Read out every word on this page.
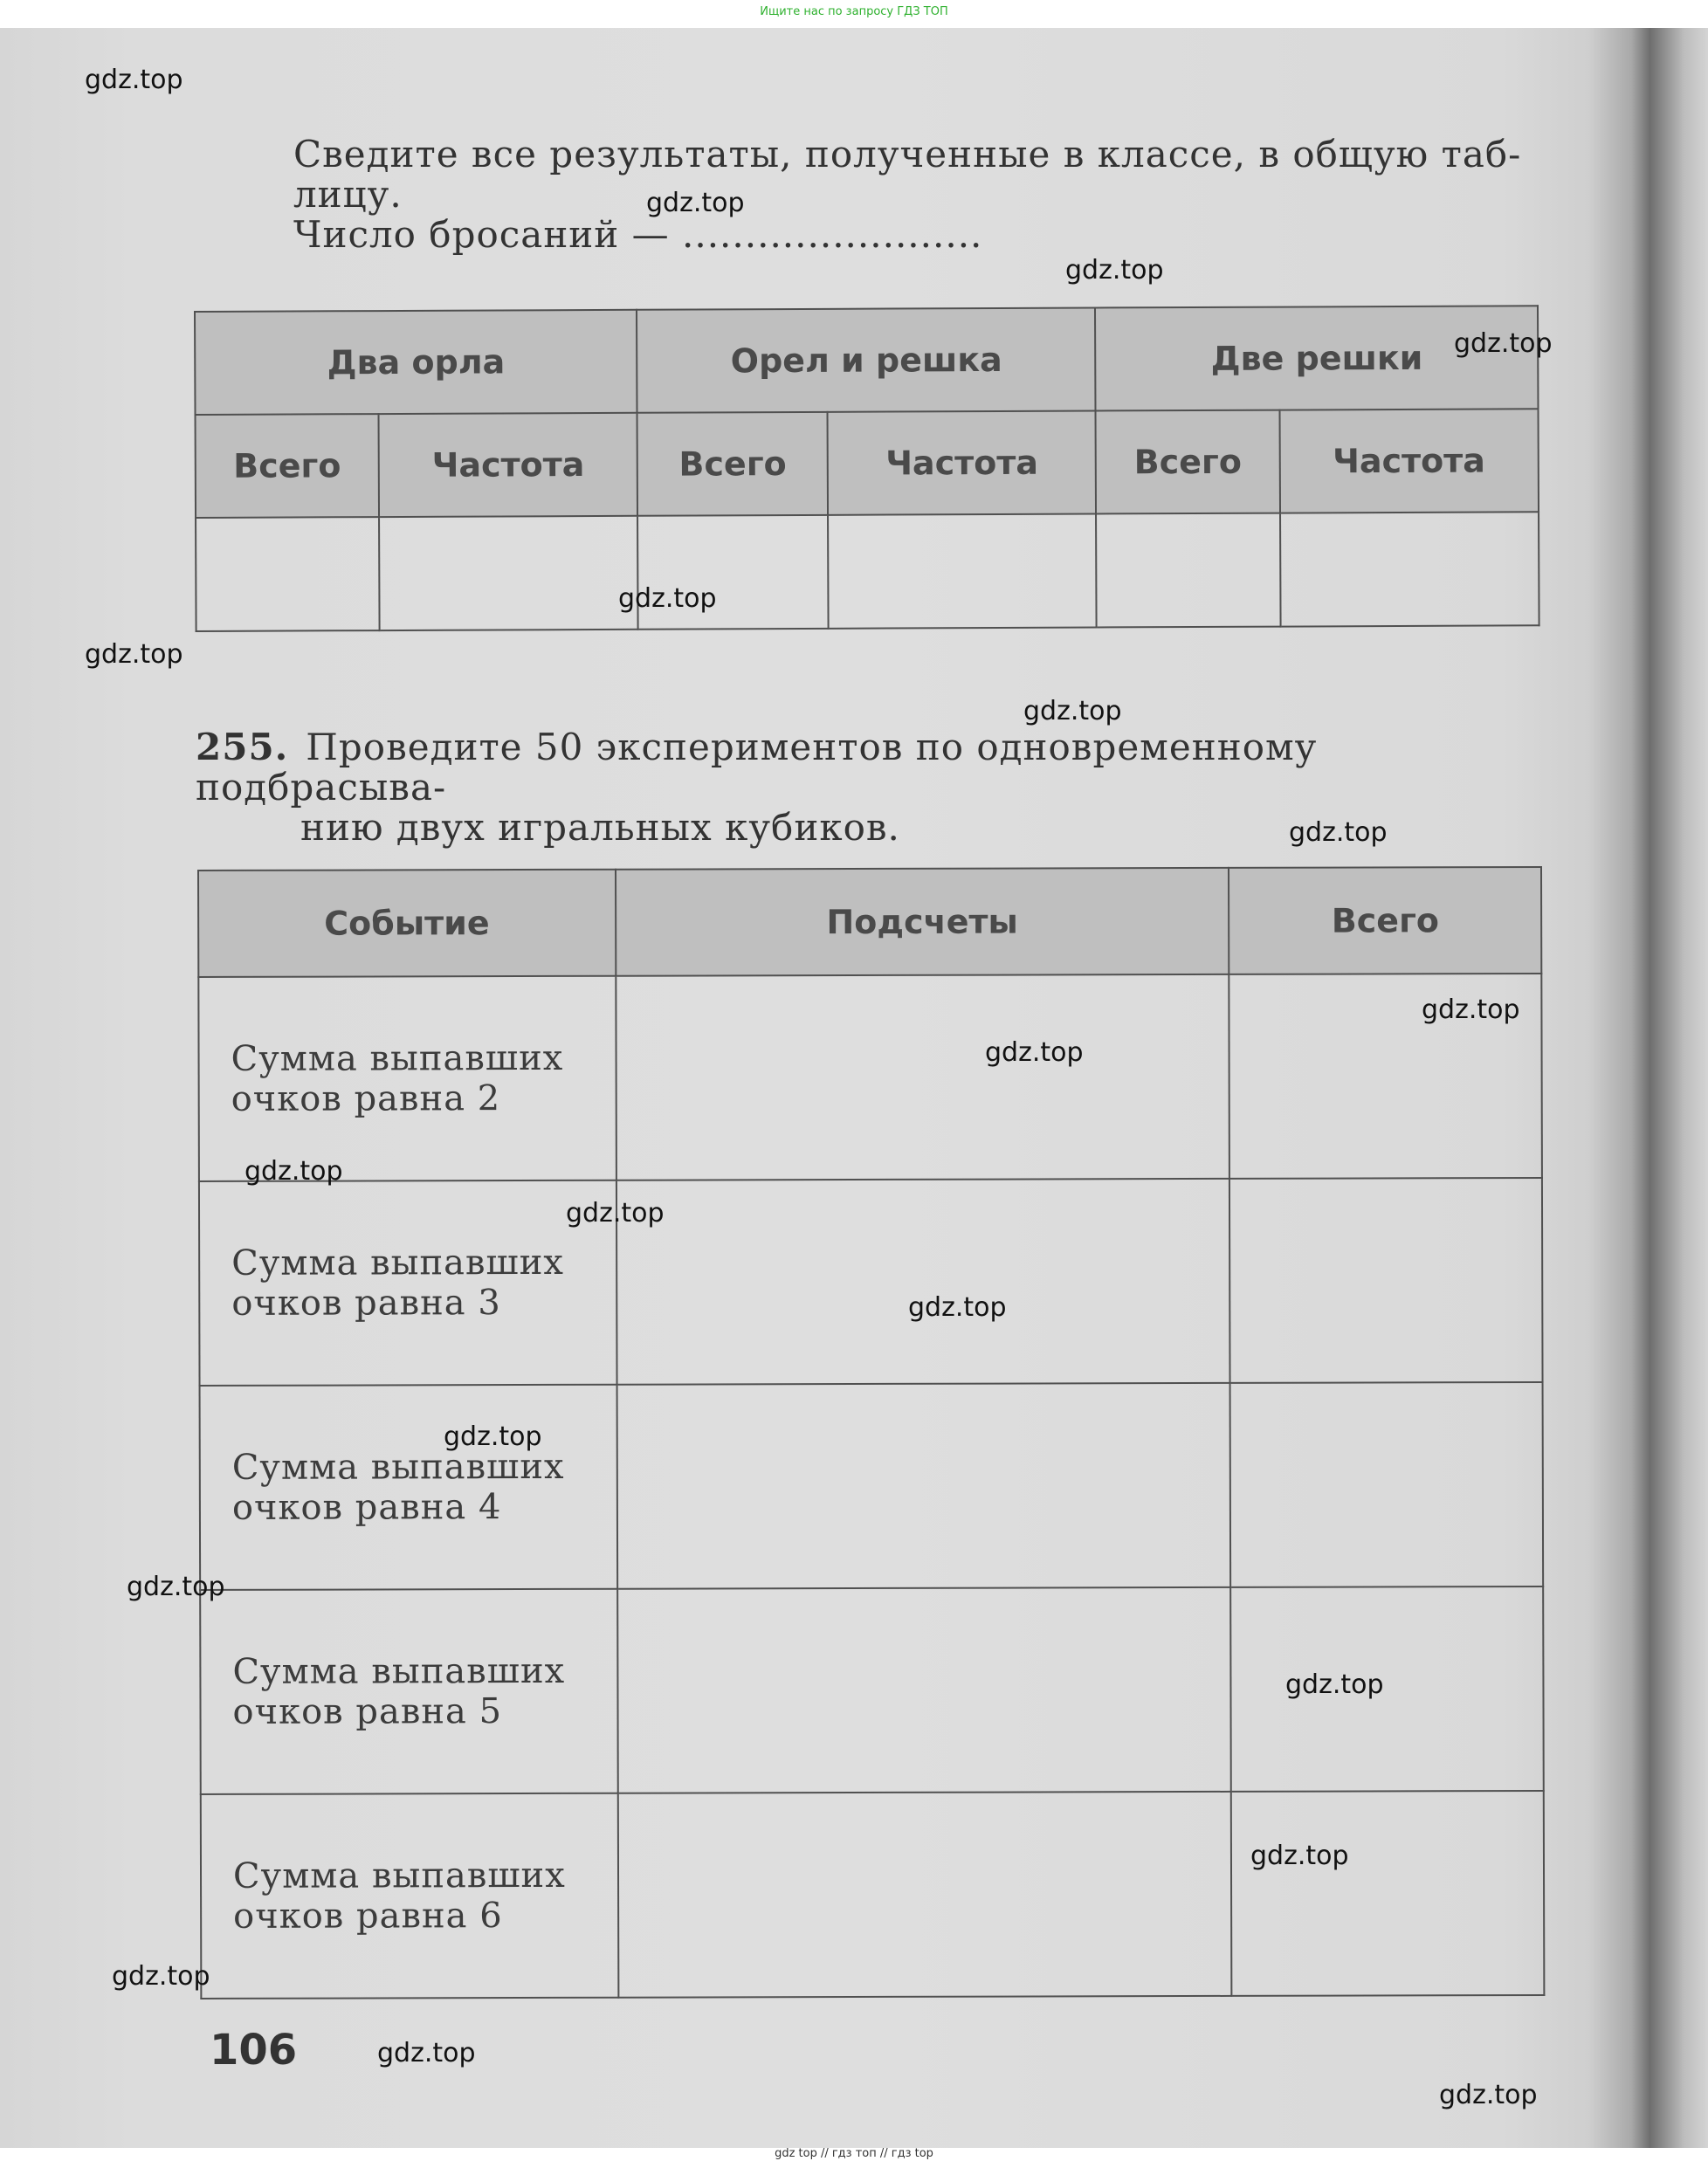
Ищите нас по запросу ГДЗ ТОП
Сведите все результаты, полученные в классе, в общую таб-
лицу.
Число бросаний — ........................
Два орла		Орел и решка		Две решки	
Всего	Частота	Всего	Частота	Всего	Частота

255. Проведите 50 экспериментов по одновременному подбрасыва-
нию двух игральных кубиков.
Событие	Подсчеты	Всего
Сумма выпавших
очков равна 2		
Сумма выпавших
очков равна 3		
Сумма выпавших
очков равна 4		
Сумма выпавших
очков равна 5		
Сумма выпавших
очков равна 6		
106
gdz.top
gdz.top
gdz.top
gdz.top
gdz.top
gdz.top
gdz.top
gdz.top
gdz.top
gdz.top
gdz.top
gdz.top
gdz.top
gdz.top
gdz.top
gdz.top
gdz.top
gdz.top
gdz.top
gdz.top
gdz top // гдз топ // гдз top
